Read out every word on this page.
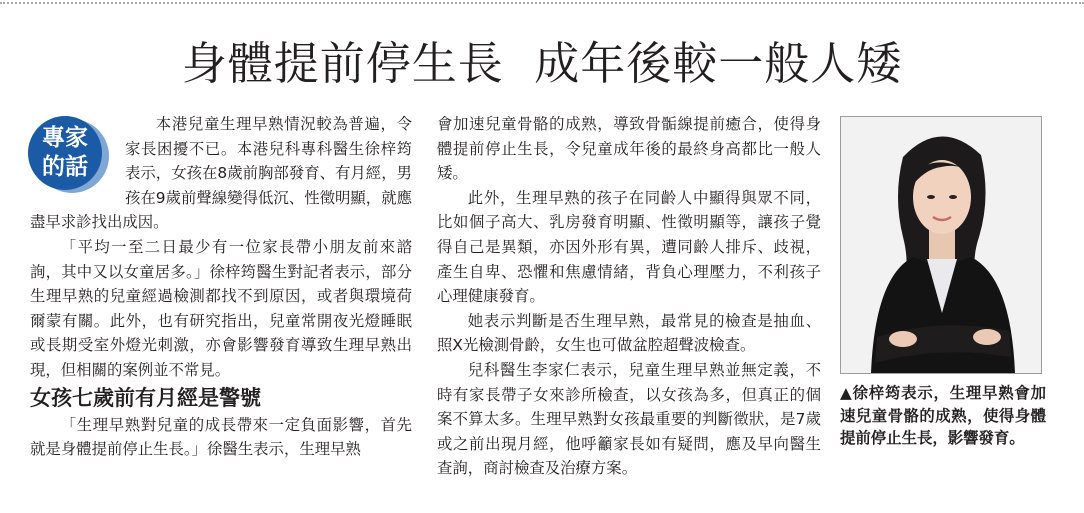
身體提前停生長  成年後較一般人矮
專家
的話

本港兒童生理早熟情況較為普遍，令家長困擾不已。本港兒科專科醫生徐梓筠表示，女孩在8歲前胸部發育、有月經，男孩在9歲前聲線變得低沉、性徵明顯，就應盡早求診找出成因。

「平均一至二日最少有一位家長帶小朋友前來諮詢，其中又以女童居多。」徐梓筠醫生對記者表示，部分生理早熟的兒童經過檢測都找不到原因，或者與環境荷爾蒙有關。此外，也有研究指出，兒童常開夜光燈睡眠或長期受室外燈光刺激，亦會影響發育導致生理早熟出現，但相關的案例並不常見。

女孩七歲前有月經是警號

「生理早熟對兒童的成長帶來一定負面影響，首先就是身體提前停止生長。」徐醫生表示，生理早熟

會加速兒童骨骼的成熟，導致骨骺線提前癒合，使得身體提前停止生長，令兒童成年後的最終身高都比一般人矮。

此外，生理早熟的孩子在同齡人中顯得與眾不同，比如個子高大、乳房發育明顯、性徵明顯等，讓孩子覺得自己是異類，亦因外形有異，遭同齡人排斥、歧視，產生自卑、恐懼和焦慮情緒，背負心理壓力，不利孩子心理健康發育。

她表示判斷是否生理早熟，最常見的檢查是抽血、照X光檢測骨齡，女生也可做盆腔超聲波檢查。

兒科醫生李家仁表示，兒童生理早熟並無定義，不時有家長帶子女來診所檢查，以女孩為多，但真正的個案不算太多。生理早熟對女孩最重要的判斷徵狀，是7歲或之前出現月經，他呼籲家長如有疑問，應及早向醫生查詢，商討檢查及治療方案。

▲徐梓筠表示，生理早熟會加速兒童骨骼的成熟，使得身體提前停止生長，影響發育。
